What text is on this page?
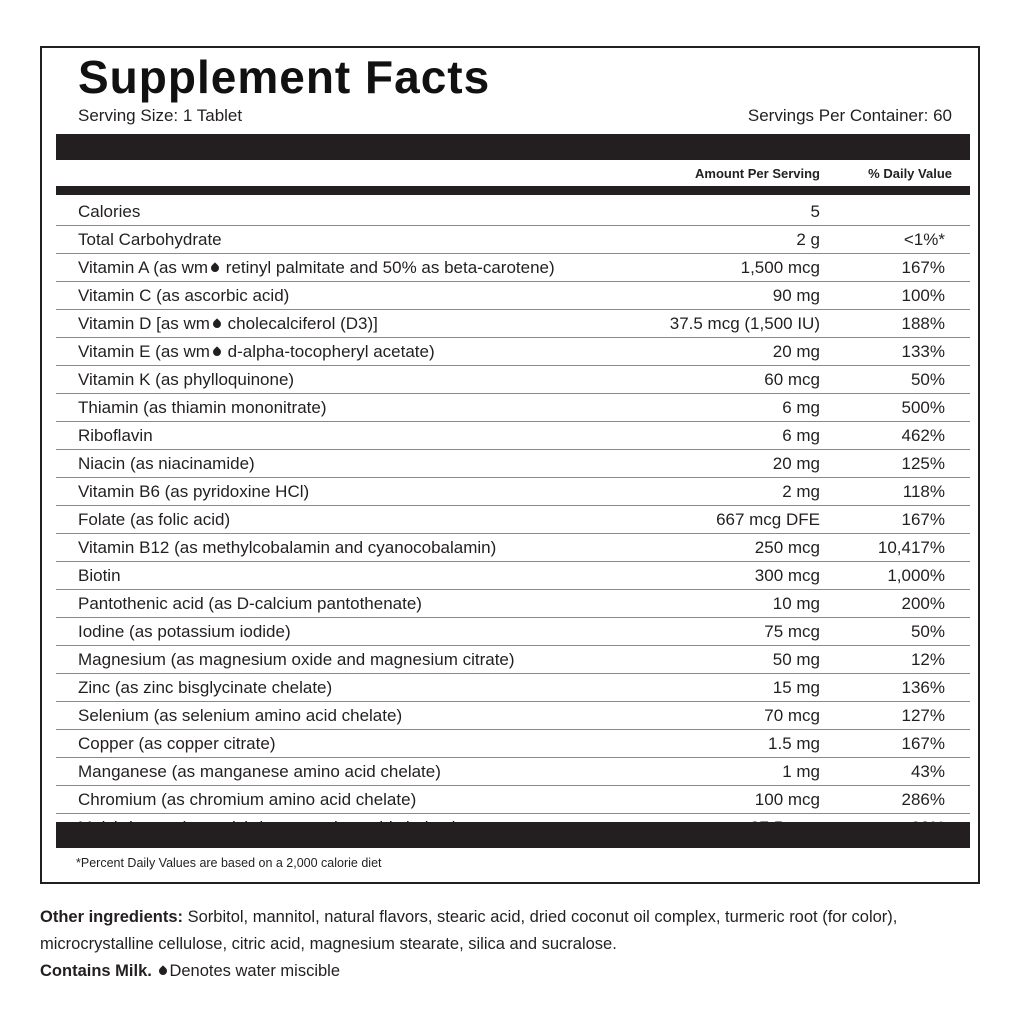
Supplement Facts
Serving Size: 1 Tablet	Servings Per Container: 60
Amount Per Serving	% Daily Value
Calories	5
Total Carbohydrate	2 g	<1%*
Vitamin A (as wm retinyl palmitate and 50% as beta-carotene)	1,500 mcg	167%
Vitamin C (as ascorbic acid)	90 mg	100%
Vitamin D [as wm cholecalciferol (D3)]	37.5 mcg (1,500 IU)	188%
Vitamin E (as wm d-alpha-tocopheryl acetate)	20 mg	133%
Vitamin K (as phylloquinone)	60 mcg	50%
Thiamin (as thiamin mononitrate)	6 mg	500%
Riboflavin	6 mg	462%
Niacin (as niacinamide)	20 mg	125%
Vitamin B6 (as pyridoxine HCl)	2 mg	118%
Folate (as folic acid)	667 mcg DFE	167%
Vitamin B12 (as methylcobalamin and cyanocobalamin)	250 mcg	10,417%
Biotin	300 mcg	1,000%
Pantothenic acid (as D-calcium pantothenate)	10 mg	200%
Iodine (as potassium iodide)	75 mcg	50%
Magnesium (as magnesium oxide and magnesium citrate)	50 mg	12%
Zinc (as zinc bisglycinate chelate)	15 mg	136%
Selenium (as selenium amino acid chelate)	70 mcg	127%
Copper (as copper citrate)	1.5 mg	167%
Manganese (as manganese amino acid chelate)	1 mg	43%
Chromium (as chromium amino acid chelate)	100 mcg	286%
*Percent Daily Values are based on a 2,000 calorie diet

Other ingredients: Sorbitol, mannitol, natural flavors, stearic acid, dried coconut oil complex, turmeric root (for color), microcrystalline cellulose, citric acid, magnesium stearate, silica and sucralose.

Contains Milk. Denotes water miscible
